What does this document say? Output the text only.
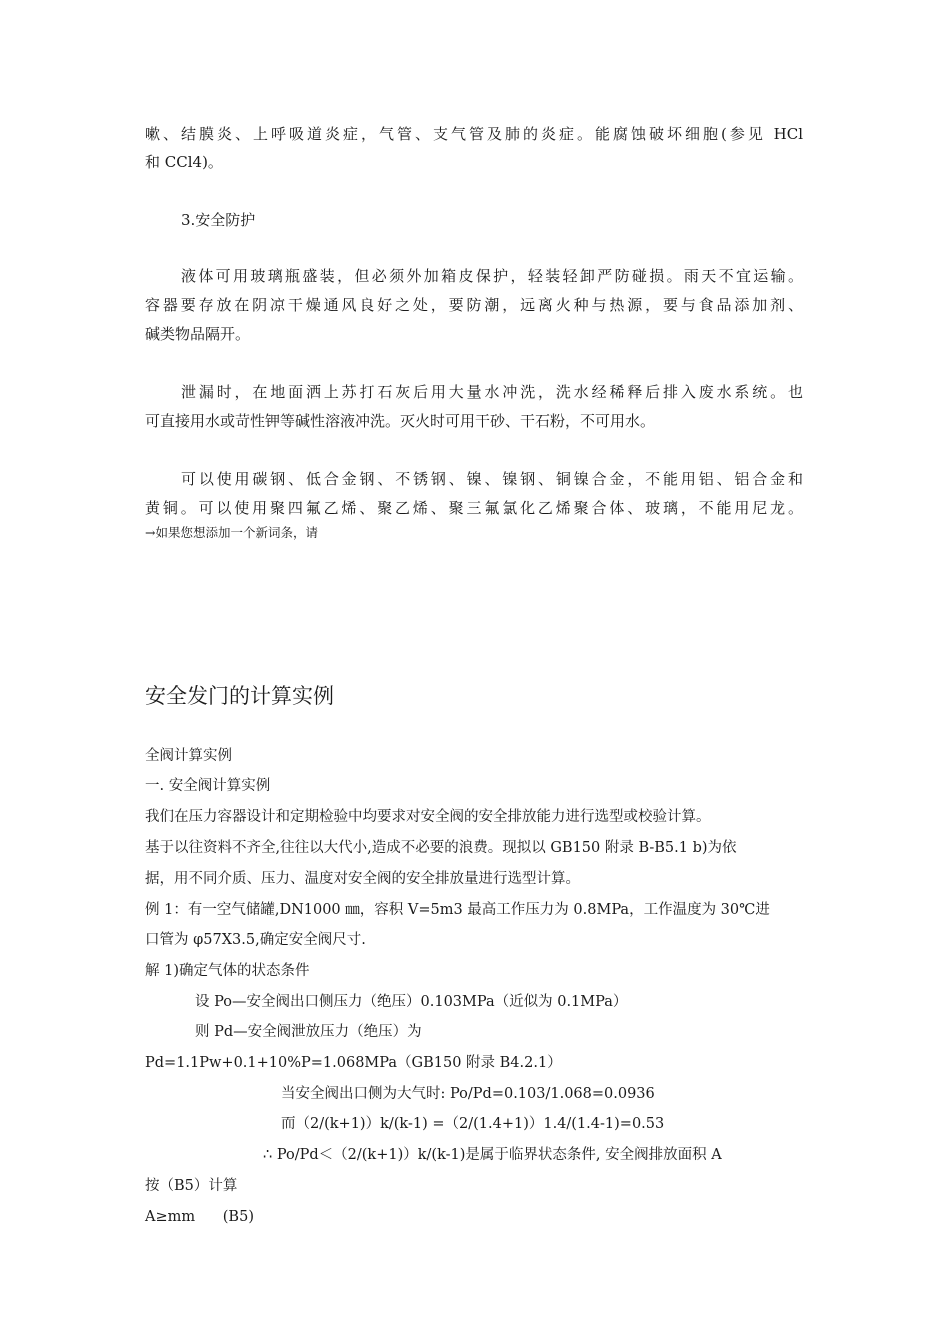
嗽、结膜炎、上呼吸道炎症，气管、支气管及肺的炎症。能腐蚀破坏细胞(参见 HCl
和 CCl4)。
3.安全防护
液体可用玻璃瓶盛装，但必须外加箱皮保护，轻装轻卸严防碰损。雨天不宜运输。
容器要存放在阴凉干燥通风良好之处，要防潮，远离火种与热源，要与食品添加剂、
碱类物品隔开。
泄漏时，在地面洒上苏打石灰后用大量水冲洗，洗水经稀释后排入废水系统。也
可直接用水或苛性钾等碱性溶液冲洗。灭火时可用干砂、干石粉，不可用水。
可以使用碳钢、低合金钢、不锈钢、镍、镍钢、铜镍合金，不能用铝、铝合金和
黄铜。可以使用聚四氟乙烯、聚乙烯、聚三氟氯化乙烯聚合体、玻璃，不能用尼龙。
→如果您想添加一个新词条，请
安全发门的计算实例
全阀计算实例
一. 安全阀计算实例
我们在压力容器设计和定期检验中均要求对安全阀的安全排放能力进行选型或校验计算。
基于以往资料不齐全,往往以大代小,造成不必要的浪费。现拟以 GB150 附录 B-B5.1 b)为依
据，用不同介质、压力、温度对安全阀的安全排放量进行选型计算。
例 1：有一空气储罐,DN1000 ㎜，容积 V=5m3 最高工作压力为 0.8MPa，工作温度为 30℃进
口管为 φ57X3.5,确定安全阀尺寸.
解 1)确定气体的状态条件
设 Po—安全阀出口侧压力（绝压）0.103MPa（近似为 0.1MPa）
则 Pd—安全阀泄放压力（绝压）为
Pd=1.1Pw+0.1+10%P=1.068MPa（GB150 附录 B4.2.1）
当安全阀出口侧为大气时: Po/Pd=0.103/1.068=0.0936
而（2/(k+1)）k/(k-1) =（2/(1.4+1)）1.4/(1.4-1)=0.53
∴ Po/Pd＜（2/(k+1)）k/(k-1)是属于临界状态条件, 安全阀排放面积 A
按（B5）计算
A≥mm      (B5)
